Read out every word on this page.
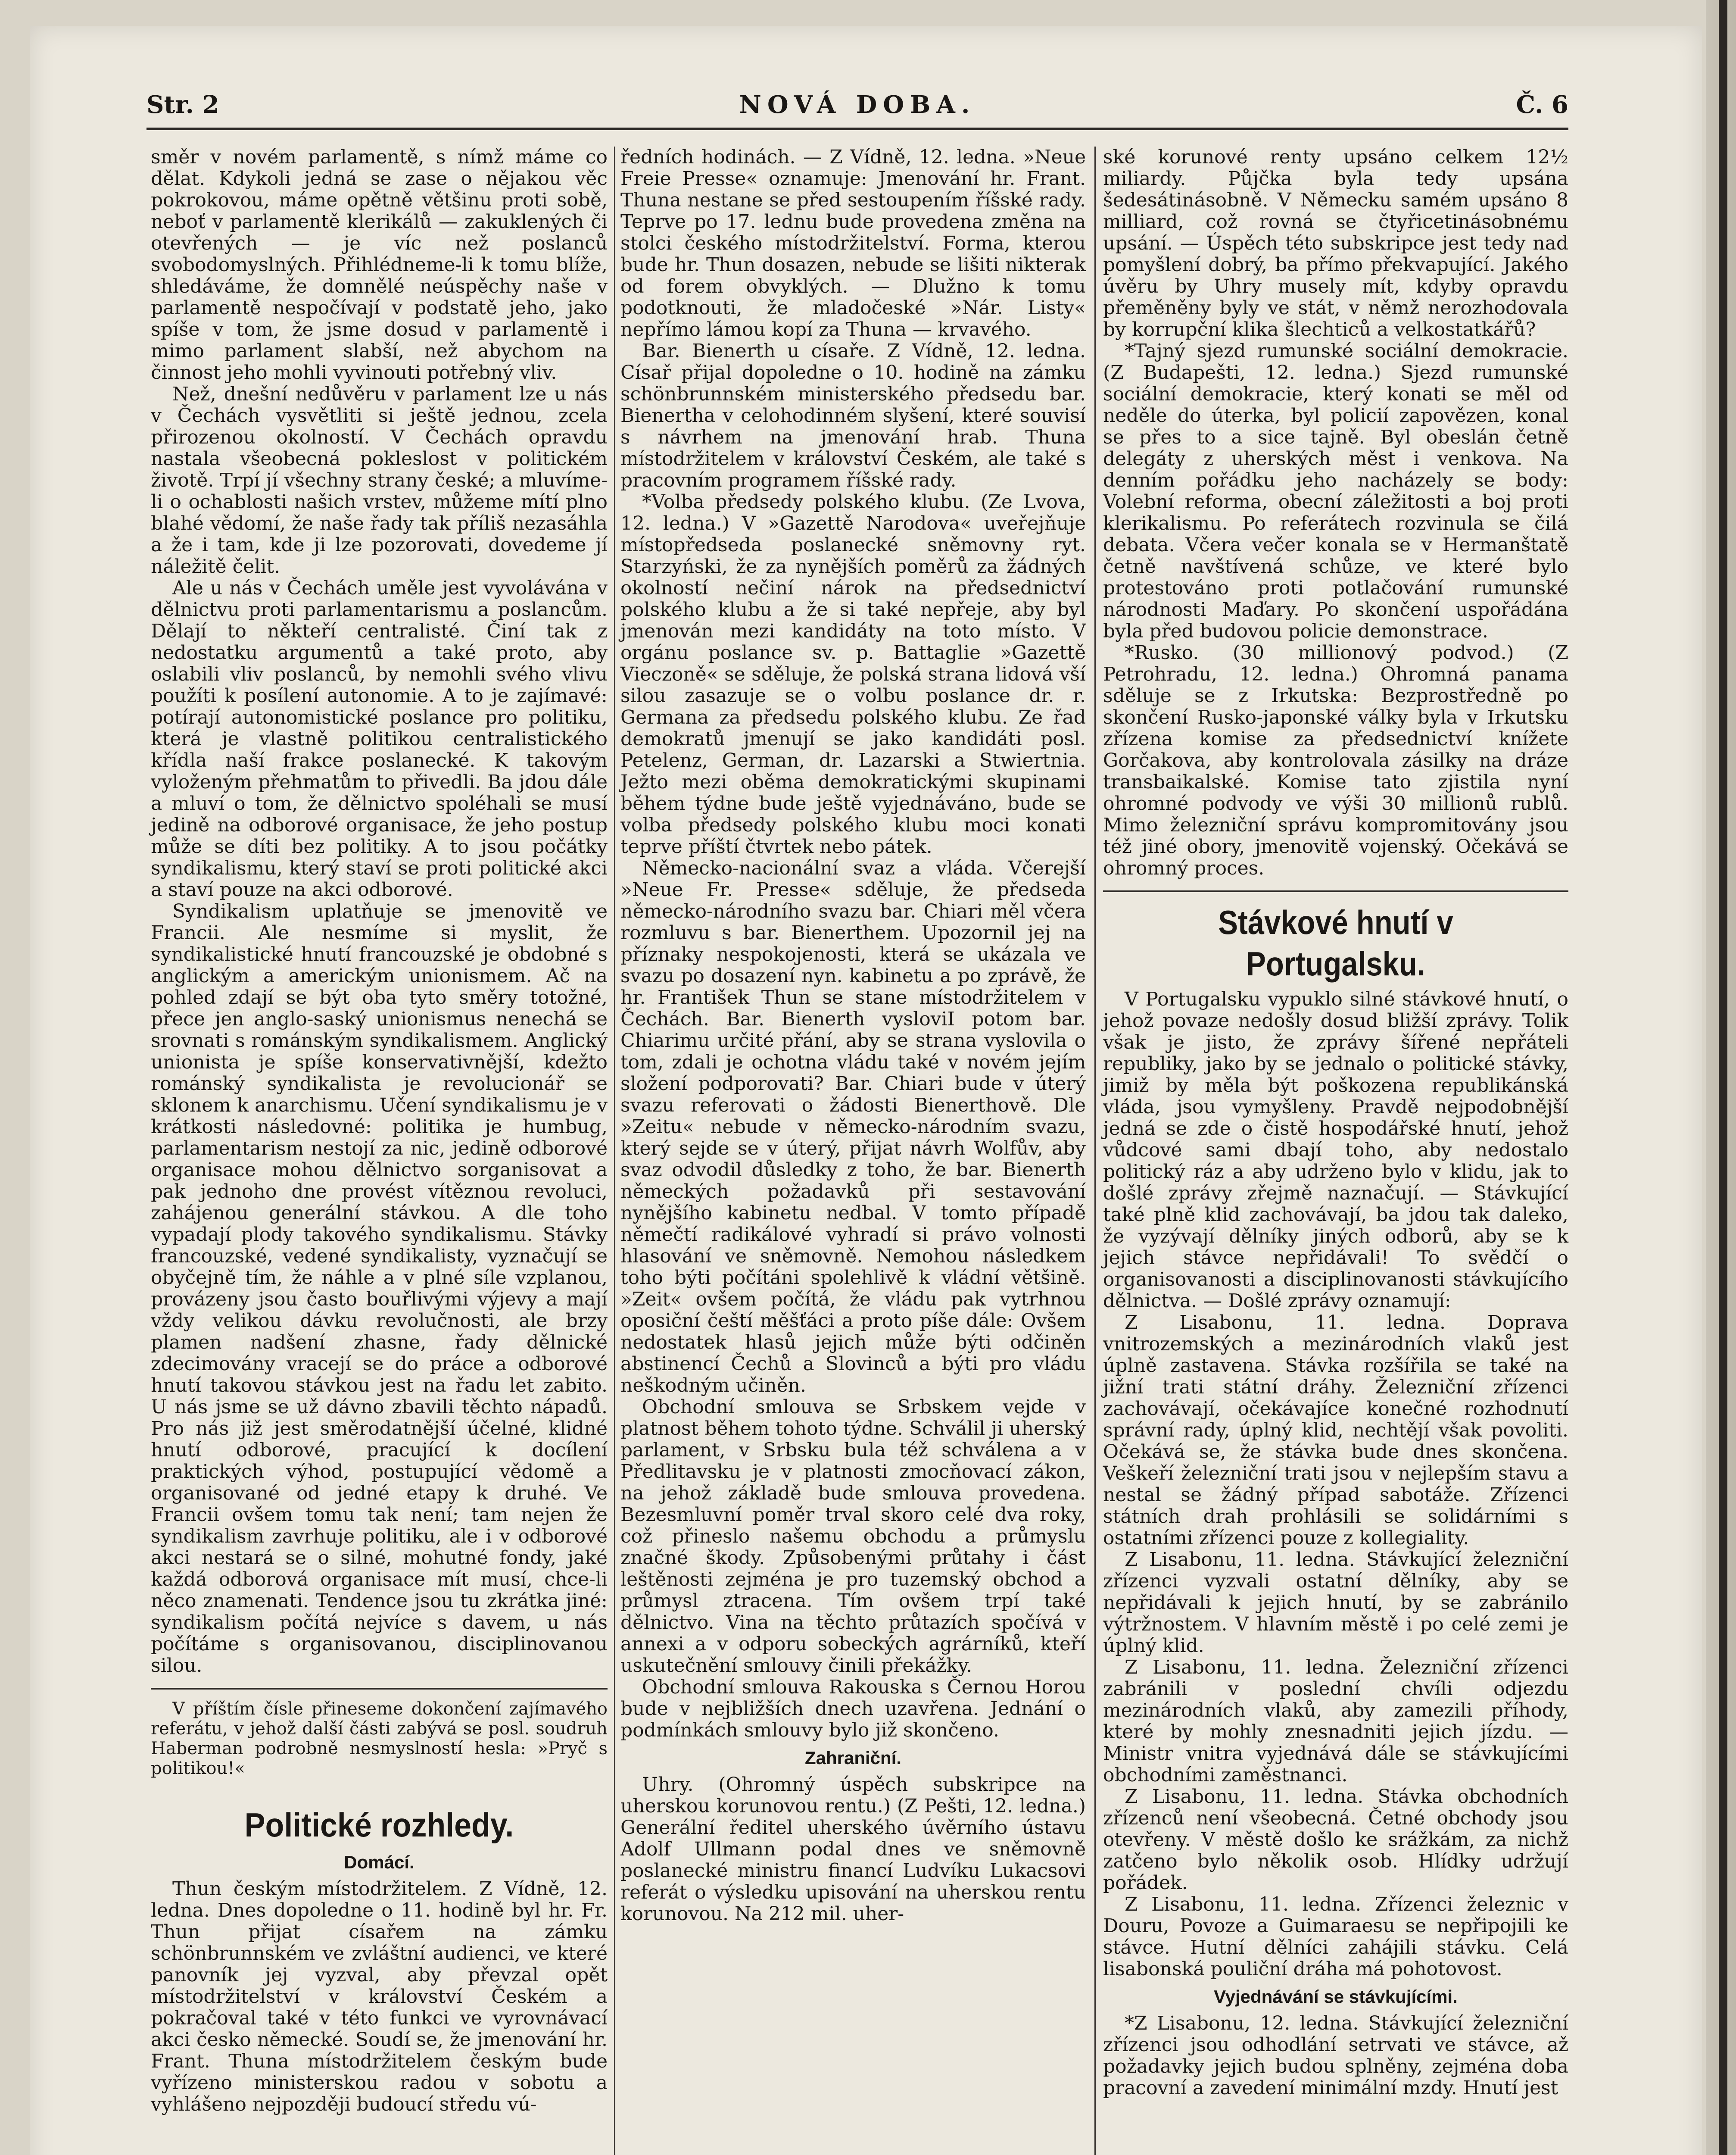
Str. 2	NOVÁ DOBA.	Č. 6

směr v novém parlamentě, s nímž máme co dělat. Kdykoli jedná se zase o nějakou věc pokrokovou, máme opětně většinu proti sobě, neboť v parlamentě klerikálů — zakuklených či otevřených — je víc než poslanců svobodomyslných. Přihlédneme-li k tomu blíže, shledáváme, že domnělé neúspěchy naše v parlamentě nespočívají v podstatě jeho, jako spíše v tom, že jsme dosud v parlamentě i mimo parlament slabší, než abychom na činnost jeho mohli vyvinouti potřebný vliv.

Než, dnešní nedůvěru v parlament lze u nás v Čechách vysvětliti si ještě jednou, zcela přirozenou okolností. V Čechách opravdu nastala všeobecná pokleslost v politickém životě. Trpí jí všechny strany české; a mluvíme-li o ochablosti našich vrstev, můžeme mítí plno blahé vědomí, že naše řady tak příliš nezasáhla a že i tam, kde ji lze pozorovati, dovedeme jí náležitě čelit.

Ale u nás v Čechách uměle jest vyvolávána v dělnictvu proti parlamentarismu a poslancům. Dělají to někteří centralisté. Činí tak z nedostatku argumentů a také proto, aby oslabili vliv poslanců, by nemohli svého vlivu použíti k posílení autonomie. A to je zajímavé: potírají autonomistické poslance pro politiku, která je vlastně politikou centralistického křídla naší frakce poslanecké. K takovým vyloženým přehmatům to přivedli. Ba jdou dále a mluví o tom, že dělnictvo spoléhali se musí jedině na odborové organisace, že jeho postup může se díti bez politiky. A to jsou počátky syndikalismu, který staví se proti politické akci a staví pouze na akci odborové.

Syndikalism uplatňuje se jmenovitě ve Francii. Ale nesmíme si myslit, že syndikalistické hnutí francouzské je obdobné s anglickým a americkým unionismem. Ač na pohled zdají se být oba tyto směry totožné, přece jen anglo-saský unionismus nenechá se srovnati s románským syndikalismem. Anglický unionista je spíše konservativnější, kdežto románský syndikalista je revolucionář se sklonem k anarchismu. Učení syndikalismu je v krátkosti následovné: politika je humbug, parlamentarism nestojí za nic, jedině odborové organisace mohou dělnictvo sorganisovat a pak jednoho dne provést vítěznou revoluci, zahájenou generální stávkou. A dle toho vypadají plody takového syndikalismu. Stávky francouzské, vedené syndikalisty, vyznačují se obyčejně tím, že náhle a v plné síle vzplanou, provázeny jsou často bouřlivými výjevy a mají vždy velikou dávku revolučnosti, ale brzy plamen nadšení zhasne, řady dělnické zdecimovány vracejí se do práce a odborové hnutí takovou stávkou jest na řadu let zabito. U nás jsme se už dávno zbavili těchto nápadů. Pro nás již jest směrodatnější účelné, klidné hnutí odborové, pracující k docílení praktických výhod, postupující vědomě a organisované od jedné etapy k druhé. Ve Francii ovšem tomu tak není; tam nejen že syndikalism zavrhuje politiku, ale i v odborové akci nestará se o silné, mohutné fondy, jaké každá odborová organisace mít musí, chce-li něco znamenati. Tendence jsou tu zkrátka jiné: syndikalism počítá nejvíce s davem, u nás počítáme s organisovanou, disciplinovanou silou.

V příštím čísle přineseme dokončení zajímavého referátu, v jehož další části zabývá se posl. soudruh Haberman podrobně nesmyslností hesla: »Pryč s politikou!«

Politické rozhledy.
Domácí.

Thun českým místodržitelem. Z Vídně, 12. ledna. Dnes dopoledne o 11. hodině byl hr. Fr. Thun přijat císařem na zámku schönbrunnském ve zvláštní audienci, ve které panovník jej vyzval, aby převzal opět místodržitelství v království Českém a pokračoval také v této funkci ve vyrovnávací akci česko německé. Soudí se, že jmenování hr. Frant. Thuna místodržitelem českým bude vyřízeno ministerskou radou v sobotu a vyhlášeno nejpozději budoucí středu vú-

ředních hodinách. — Z Vídně, 12. ledna. »Neue Freie Presse« oznamuje: Jmenování hr. Frant. Thuna nestane se před sestoupením říšské rady. Teprve po 17. lednu bude provedena změna na stolci českého místodržitelství. Forma, kterou bude hr. Thun dosazen, nebude se lišiti nikterak od forem obvyklých. — Dlužno k tomu podotknouti, že mladočeské »Nár. Listy« nepřímo lámou kopí za Thuna — krvavého.

Bar. Bienerth u císaře. Z Vídně, 12. ledna. Císař přijal dopoledne o 10. hodině na zámku schönbrunnském ministerského předsedu bar. Bienertha v celohodinném slyšení, které souvisí s návrhem na jmenování hrab. Thuna místodržitelem v království Českém, ale také s pracovním programem říšské rady.

*Volba předsedy polského klubu. (Ze Lvova, 12. ledna.) V »Gazettě Narodova« uveřejňuje místopředseda poslanecké sněmovny ryt. Starzyński, že za nynějších poměrů za žádných okolností nečiní nárok na předsednictví polského klubu a že si také nepřeje, aby byl jmenován mezi kandidáty na toto místo. V orgánu poslance sv. p. Battaglie »Gazettě Vieczoně« se sděluje, že polská strana lidová vší silou zasazuje se o volbu poslance dr. r. Germana za předsedu polského klubu. Ze řad demokratů jmenují se jako kandidáti posl. Petelenz, German, dr. Lazarski a Stwiertnia. Ježto mezi oběma demokratickými skupinami během týdne bude ještě vyjednáváno, bude se volba předsedy polského klubu moci konati teprve příští čtvrtek nebo pátek.

Německo-nacionální svaz a vláda. Včerejší »Neue Fr. Presse« sděluje, že předseda německo-národního svazu bar. Chiari měl včera rozmluvu s bar. Bienerthem. Upozornil jej na příznaky nespokojenosti, která se ukázala ve svazu po dosazení nyn. kabinetu a po zprávě, že hr. František Thun se stane místodržitelem v Čechách. Bar. Bienerth vysloviI potom bar. Chiarimu určité přání, aby se strana vyslovila o tom, zdali je ochotna vládu také v novém jejím složení podporovati? Bar. Chiari bude v úterý svazu referovati o žádosti Bienerthově. Dle »Zeitu« nebude v německo-národním svazu, který sejde se v úterý, přijat návrh Wolfův, aby svaz odvodil důsledky z toho, že bar. Bienerth německých požadavků při sestavování nynějšího kabinetu nedbal. V tomto případě němečtí radikálové vyhradí si právo volnosti hlasování ve sněmovně. Nemohou následkem toho býti počítáni spolehlivě k vládní většině. »Zeit« ovšem počítá, že vládu pak vytrhnou oposiční čeští měšťáci a proto píše dále: Ovšem nedostatek hlasů jejich může býti odčiněn abstinencí Čechů a Slovinců a býti pro vládu neškodným učiněn.

Obchodní smlouva se Srbskem vejde v platnost během tohoto týdne. Schválil ji uherský parlament, v Srbsku bula též schválena a v Předlitavsku je v platnosti zmocňovací zákon, na jehož základě bude smlouva provedena. Bezesmluvní poměr trval skoro celé dva roky, což přineslo našemu obchodu a průmyslu značné škody. Způsobenými průtahy i část leštěnosti zejména je pro tuzemský obchod a průmysl ztracena. Tím ovšem trpí také dělnictvo. Vina na těchto průtazích spočívá v annexi a v odporu sobeckých agrárníků, kteří uskutečnění smlouvy činili překážky.

Obchodní smlouva Rakouska s Černou Horou bude v nejbližších dnech uzavřena. Jednání o podmínkách smlouvy bylo již skončeno.

Zahraniční.

Uhry. (Ohromný úspěch subskripce na uherskou korunovou rentu.) (Z Pešti, 12. ledna.) Generální ředitel uherského úvěrního ústavu Adolf Ullmann podal dnes ve sněmovně poslanecké ministru financí Ludvíku Lukacsovi referát o výsledku upisování na uherskou rentu korunovou. Na 212 mil. uher-

ské korunové renty upsáno celkem 12½ miliardy. Půjčka byla tedy upsána šedesátinásobně. V Německu samém upsáno 8 milliard, což rovná se čtyřicetinásobnému upsání. — Úspěch této subskripce jest tedy nad pomyšlení dobrý, ba přímo překvapující. Jakého úvěru by Uhry musely mít, kdyby opravdu přeměněny byly ve stát, v němž nerozhodovala by korrupční klika šlechticů a velkostatkářů?

*Tajný sjezd rumunské sociální demokracie. (Z Budapešti, 12. ledna.) Sjezd rumunské sociální demokracie, který konati se měl od neděle do úterka, byl policií zapovězen, konal se přes to a sice tajně. Byl obeslán četně delegáty z uherských měst i venkova. Na denním pořádku jeho nacházely se body: Volební reforma, obecní záležitosti a boj proti klerikalismu. Po referátech rozvinula se čilá debata. Včera večer konala se v Hermanštatě četně navštívená schůze, ve které bylo protestováno proti potlačování rumunské národnosti Maďary. Po skončení uspořádána byla před budovou policie demonstrace.

*Rusko. (30 millionový podvod.) (Z Petrohradu, 12. ledna.) Ohromná panama sděluje se z Irkutska: Bezprostředně po skončení Rusko-japonské války byla v Irkutsku zřízena komise za předsednictví knížete Gorčakova, aby kontrolovala zásilky na dráze transbaikalské. Komise tato zjistila nyní ohromné podvody ve výši 30 millionů rublů. Mimo železniční správu kompromitovány jsou též jiné obory, jmenovitě vojenský. Očekává se ohromný proces.

Stávkové hnutí v Portugalsku.

V Portugalsku vypuklo silné stávkové hnutí, o jehož povaze nedošly dosud bližší zprávy. Tolik však je jisto, že zprávy šířené nepřáteli republiky, jako by se jednalo o politické stávky, jimiž by měla být poškozena republikánská vláda, jsou vymyšleny. Pravdě nejpodobnější jedná se zde o čistě hospodářské hnutí, jehož vůdcové sami dbají toho, aby nedostalo politický ráz a aby udrženo bylo v klidu, jak to došlé zprávy zřejmě naznačují. — Stávkující také plně klid zachovávají, ba jdou tak daleko, že vyzývají dělníky jiných odborů, aby se k jejich stávce nepřidávali! To svědčí o organisovanosti a disciplinovanosti stávkujícího dělnictva. — Došlé zprávy oznamují:

Z Lisabonu, 11. ledna. Doprava vnitrozemských a mezinárodních vlaků jest úplně zastavena. Stávka rozšířila se také na jižní trati státní dráhy. Železniční zřízenci zachovávají, očekávajíce konečné rozhodnutí správní rady, úplný klid, nechtějí však povoliti. Očekává se, že stávka bude dnes skončena. Veškeří železniční trati jsou v nejlepším stavu a nestal se žádný případ sabotáže. Zřízenci státních drah prohlásili se solidárními s ostatními zřízenci pouze z kollegiality.

Z Lisabonu, 11. ledna. Stávkující železniční zřízenci vyzvali ostatní dělníky, aby se nepřidávali k jejich hnutí, by se zabránilo výtržnostem. V hlavním městě i po celé zemi je úplný klid.

Z Lisabonu, 11. ledna. Železniční zřízenci zabránili v poslední chvíli odjezdu mezinárodních vlaků, aby zamezili příhody, které by mohly znesnadniti jejich jízdu. — Ministr vnitra vyjednává dále se stávkujícími obchodními zaměstnanci.

Z Lisabonu, 11. ledna. Stávka obchodních zřízenců není všeobecná. Četné obchody jsou otevřeny. V městě došlo ke srážkám, za nichž zatčeno bylo několik osob. Hlídky udržují pořádek.

Z Lisabonu, 11. ledna. Zřízenci železnic v Douru, Povoze a Guimaraesu se nepřipojili ke stávce. Hutní dělníci zahájili stávku. Celá lisabonská pouliční dráha má pohotovost.

Vyjednávání se stávkujícími.

*Z Lisabonu, 12. ledna. Stávkující železniční zřízenci jsou odhodlání setrvati ve stávce, až požadavky jejich budou splněny, zejména doba pracovní a zavedení minimální mzdy. Hnutí jest
